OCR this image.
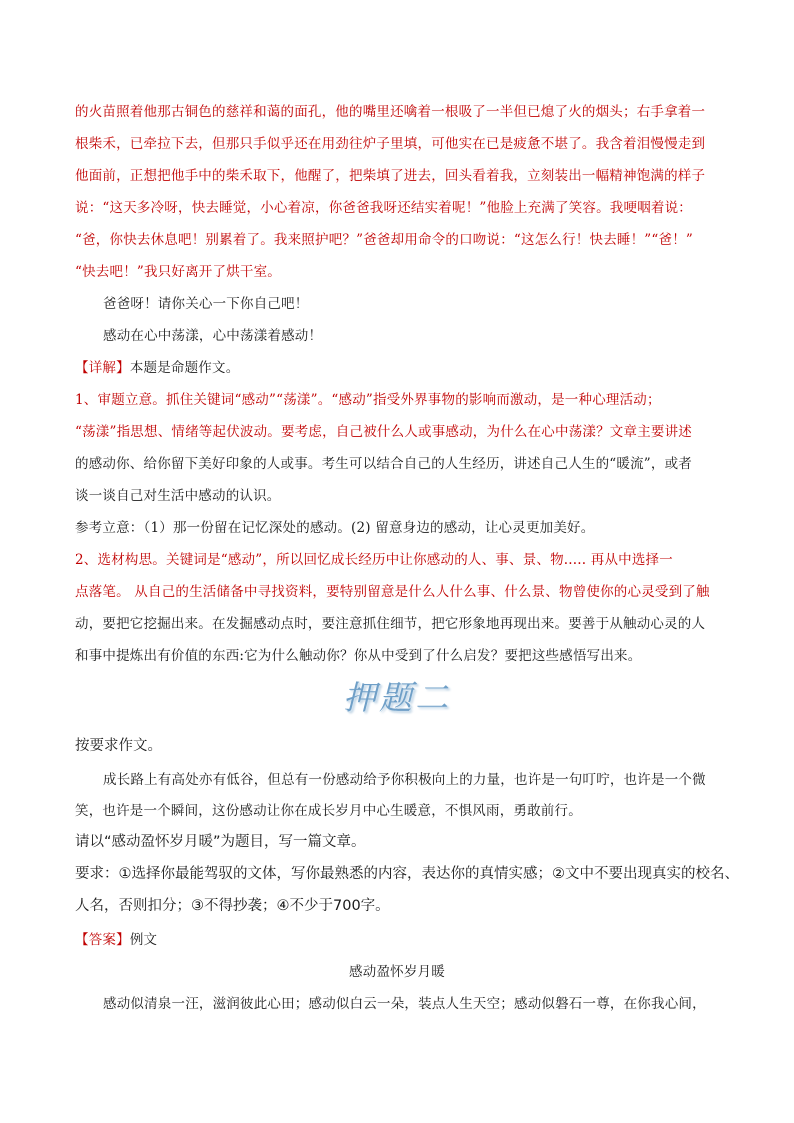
的火苗照着他那古铜色的慈祥和蔼的面孔，他的嘴里还噙着一根吸了一半但已熄了火的烟头；右手拿着一
根柴禾，已牵拉下去，但那只手似乎还在用劲往炉子里填，可他实在已是疲惫不堪了。我含着泪慢慢走到
他面前，正想把他手中的柴禾取下，他醒了，把柴填了进去，回头看着我，立刻装出一幅精神饱满的样子
说：“这天多冷呀，快去睡觉，小心着凉，你爸爸我呀还结实着呢！”他脸上充满了笑容。我哽咽着说：
“爸，你快去休息吧！别累着了。我来照护吧？”爸爸却用命令的口吻说：“这怎么行！快去睡！”“爸！”
“快去吧！”我只好离开了烘干室。
爸爸呀！请你关心一下你自己吧！
感动在心中荡漾，心中荡漾着感动！
【详解】本题是命题作文。
1、审题立意。抓住关键词“感动”“荡漾”。“感动”指受外界事物的影响而激动，是一种心理活动；
“荡漾”指思想、情绪等起伏波动。要考虑，自己被什么人或事感动，为什么在心中荡漾？文章主要讲述
的感动你、给你留下美好印象的人或事。考生可以结合自己的人生经历，讲述自己人生的“暖流”，或者
谈一谈自己对生活中感动的认识。
参考立意：（1）那一份留在记忆深处的感动。(2) 留意身边的感动，让心灵更加美好。
2、选材构思。关键词是“感动”，所以回忆成长经历中让你感动的人、事、景、物..... 再从中选择一
点落笔。 从自己的生活储备中寻找资料，要特别留意是什么人什么事、什么景、物曾使你的心灵受到了触
动，要把它挖掘出来。在发掘感动点时，要注意抓住细节，把它形象地再现出来。要善于从触动心灵的人
和事中提炼出有价值的东西:它为什么触动你？你从中受到了什么启发？要把这些感悟写出来。
押题二
按要求作文。
成长路上有高处亦有低谷，但总有一份感动给予你积极向上的力量，也许是一句叮咛，也许是一个微
笑，也许是一个瞬间，这份感动让你在成长岁月中心生暖意，不惧风雨，勇敢前行。
请以“感动盈怀岁月暖”为题目，写一篇文章。
要求：①选择你最能驾驭的文体，写你最熟悉的内容，表达你的真情实感；②文中不要出现真实的校名、
人名，否则扣分；③不得抄袭；④不少于700字。
【答案】例文
感动盈怀岁月暖
感动似清泉一汪，滋润彼此心田；感动似白云一朵，装点人生天空；感动似磐石一尊，在你我心间，
